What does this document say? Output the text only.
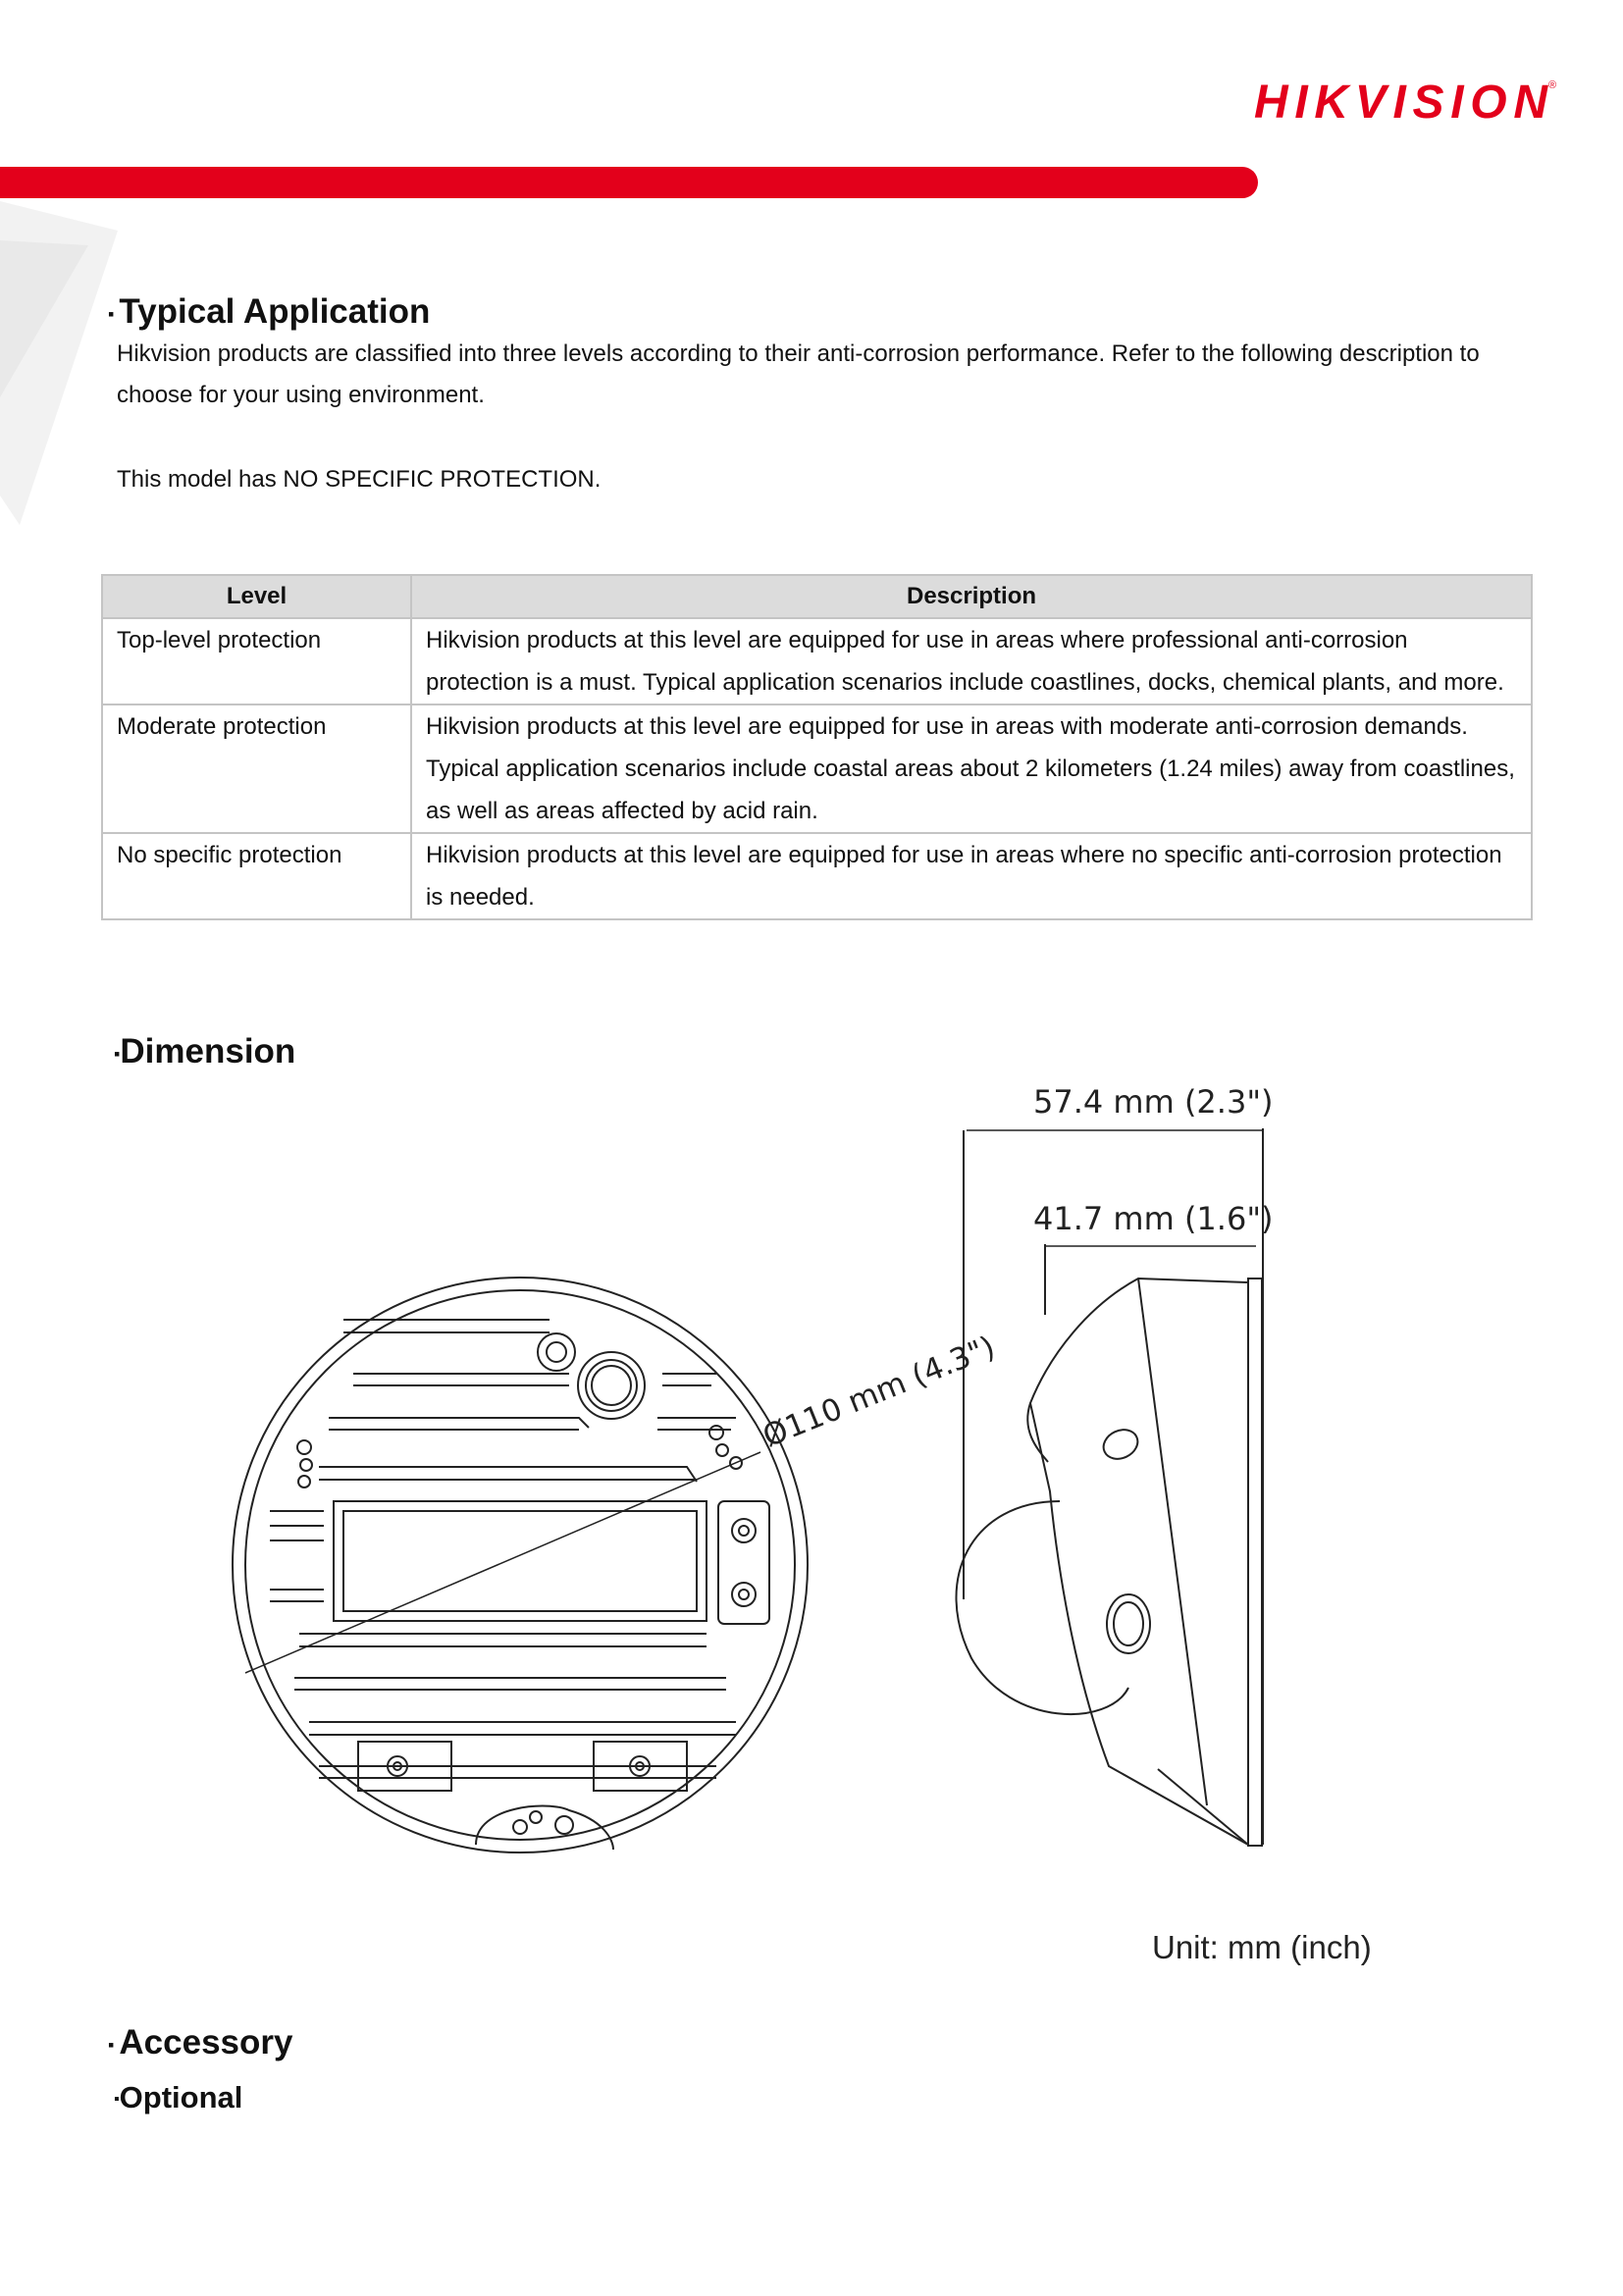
HIKVISION ®
▪ Typical Application
Hikvision products are classified into three levels according to their anti-corrosion performance. Refer to the following description to choose for your using environment.
This model has NO SPECIFIC PROTECTION.
Level	Description
Top-level protection	Hikvision products at this level are equipped for use in areas where professional anti-corrosion protection is a must. Typical application scenarios include coastlines, docks, chemical plants, and more.
Moderate protection	Hikvision products at this level are equipped for use in areas with moderate anti-corrosion demands. Typical application scenarios include coastal areas about 2 kilometers (1.24 miles) away from coastlines, as well as areas affected by acid rain.
No specific protection	Hikvision products at this level are equipped for use in areas where no specific anti-corrosion protection is needed.
▪Dimension
57.4 mm (2.3")
41.7 mm (1.6")
Ø110 mm (4.3")
Unit: mm (inch)
▪ Accessory
▪Optional
